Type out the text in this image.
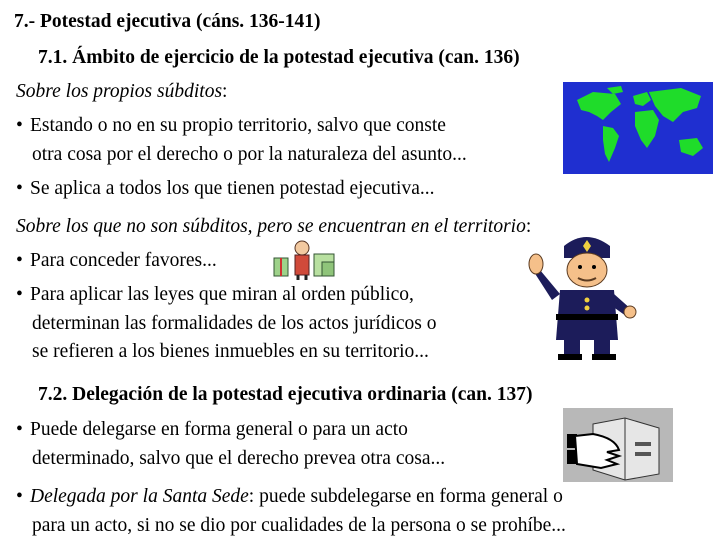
7.- Potestad ejecutiva (cáns. 136-141)
7.1. Ámbito de ejercicio de la potestad ejecutiva (can. 136)
Sobre los propios súbditos:
• Estando o no en su propio territorio, salvo que conste
otra cosa por el derecho o por la naturaleza del asunto...
• Se aplica a todos los que tienen potestad ejecutiva...
Sobre los que no son súbditos, pero se encuentran en el territorio:
• Para conceder favores...
• Para aplicar las leyes que miran al orden público,
determinan las formalidades de los actos jurídicos o
se refieren a los bienes inmuebles en su territorio...
7.2. Delegación de la potestad ejecutiva ordinaria (can. 137)
• Puede delegarse en forma general o para un acto
determinado, salvo que el derecho prevea otra cosa...
• Delegada por la Santa Sede: puede subdelegarse en forma general o
para un acto, si no se dio por cualidades de la persona o se prohíbe...
